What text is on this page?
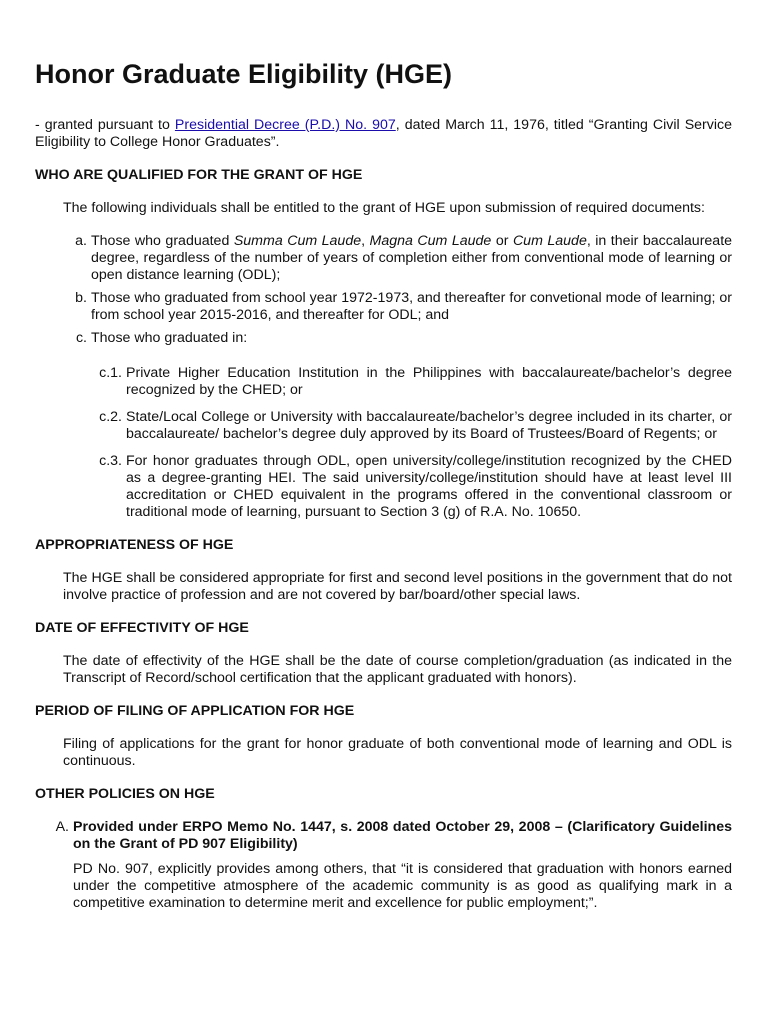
Honor Graduate Eligibility (HGE)

- granted pursuant to Presidential Decree (P.D.) No. 907, dated March 11, 1976, titled “Granting Civil Service Eligibility to College Honor Graduates”.

WHO ARE QUALIFIED FOR THE GRANT OF HGE

The following individuals shall be entitled to the grant of HGE upon submission of required documents:

a. Those who graduated Summa Cum Laude, Magna Cum Laude or Cum Laude, in their baccalaureate degree, regardless of the number of years of completion either from conventional mode of learning or open distance learning (ODL);
b. Those who graduated from school year 1972-1973, and thereafter for convetional mode of learning; or from school year 2015-2016, and thereafter for ODL; and
c. Those who graduated in:
c.1. Private Higher Education Institution in the Philippines with baccalaureate/bachelor’s degree recognized by the CHED; or
c.2. State/Local College or University with baccalaureate/bachelor’s degree included in its charter, or baccalaureate/ bachelor’s degree duly approved by its Board of Trustees/Board of Regents; or
c.3. For honor graduates through ODL, open university/college/institution recognized by the CHED as a degree-granting HEI. The said university/college/institution should have at least level III accreditation or CHED equivalent in the programs offered in the conventional classroom or traditional mode of learning, pursuant to Section 3 (g) of R.A. No. 10650.
APPROPRIATENESS OF HGE

The HGE shall be considered appropriate for first and second level positions in the government that do not involve practice of profession and are not covered by bar/board/other special laws.

DATE OF EFFECTIVITY OF HGE

The date of effectivity of the HGE shall be the date of course completion/graduation (as indicated in the Transcript of Record/school certification that the applicant graduated with honors).

PERIOD OF FILING OF APPLICATION FOR HGE

Filing of applications for the grant for honor graduate of both conventional mode of learning and ODL is continuous.

OTHER POLICIES ON HGE
A. Provided under ERPO Memo No. 1447, s. 2008 dated October 29, 2008 – (Clarificatory Guidelines on the Grant of PD 907 Eligibility)

PD No. 907, explicitly provides among others, that “it is considered that graduation with honors earned under the competitive atmosphere of the academic community is as good as qualifying mark in a competitive examination to determine merit and excellence for public employment;”.
